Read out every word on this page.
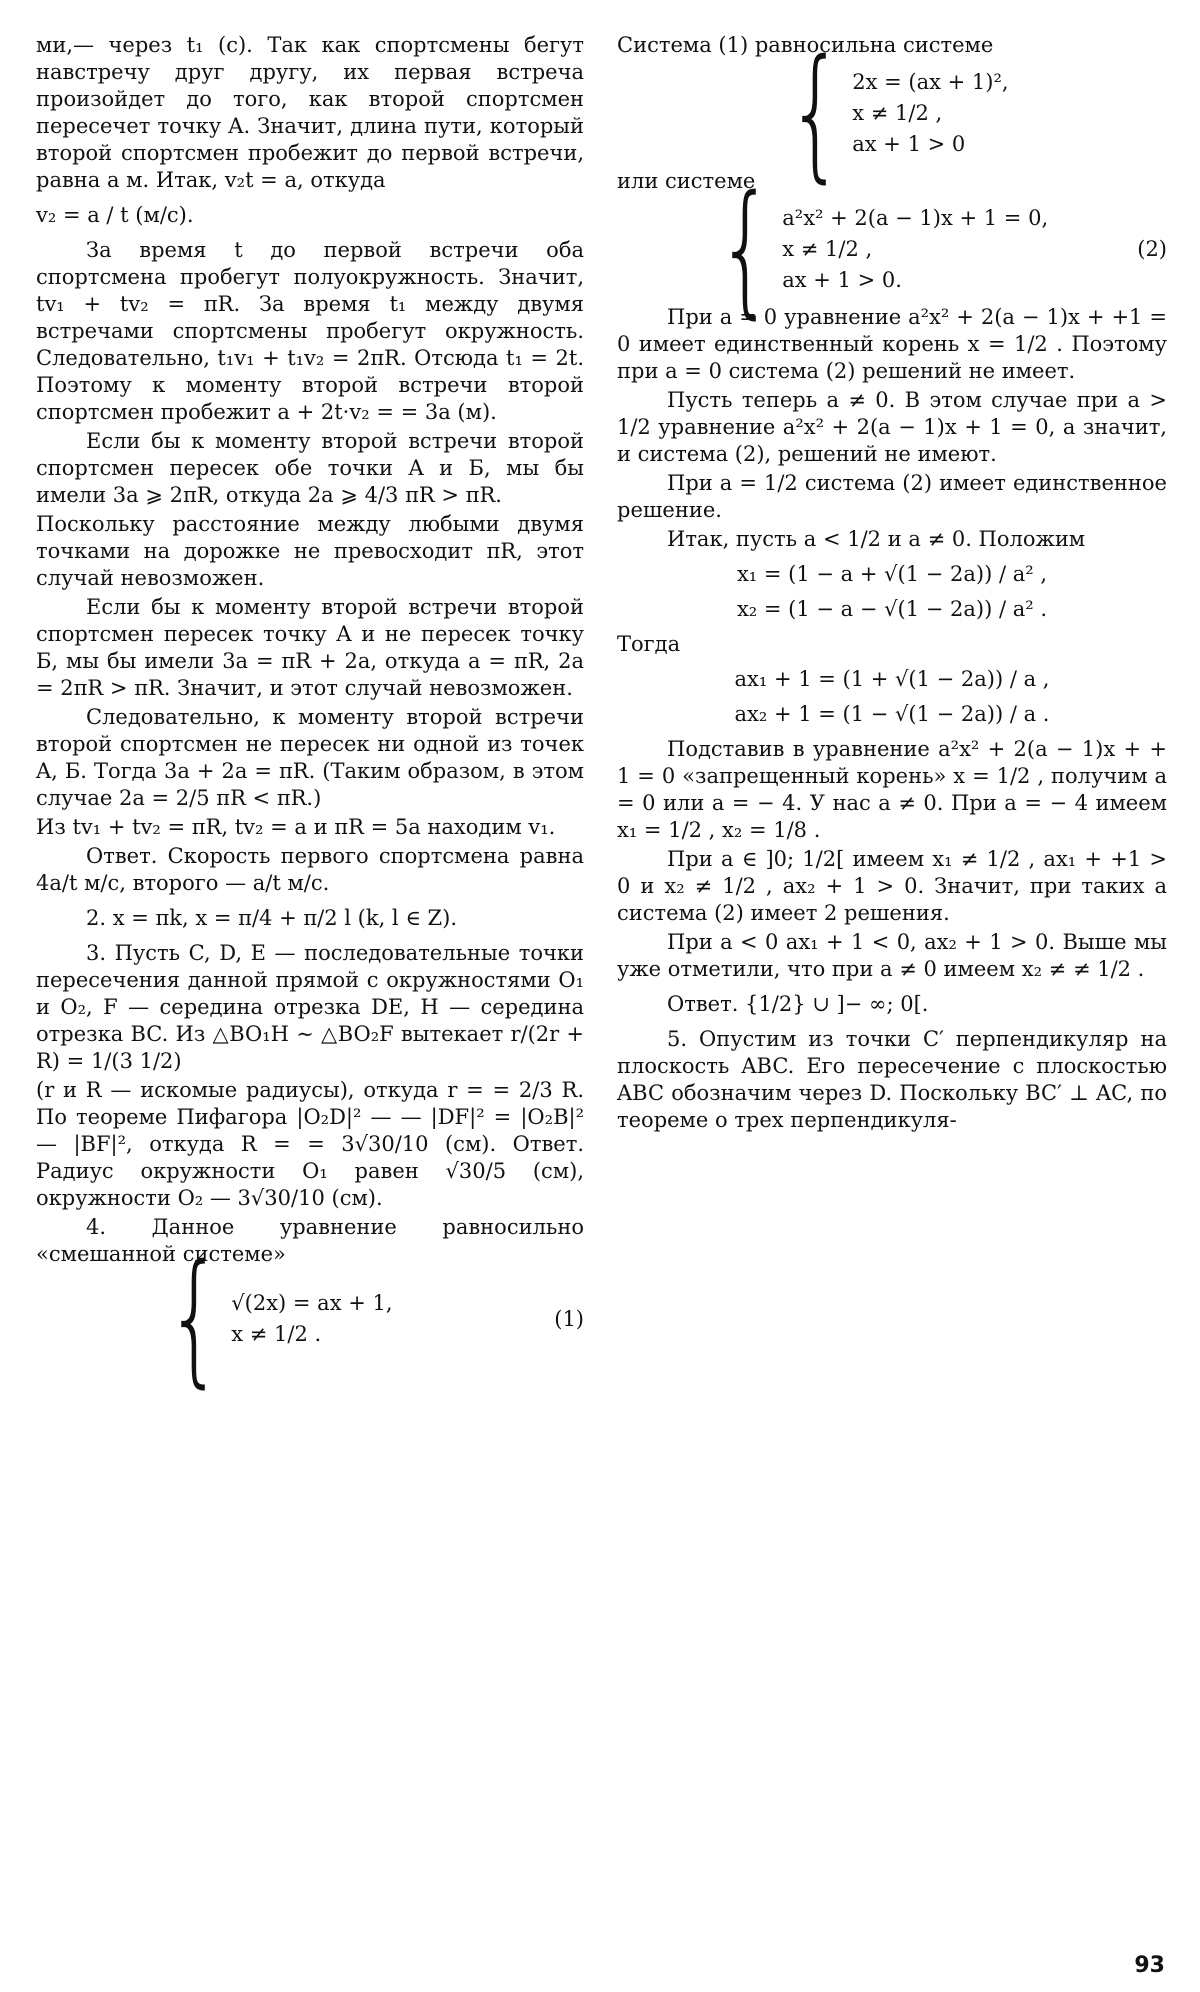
ми,— через t₁ (с). Так как спортсмены бегут навстречу друг другу, их первая встреча произойдет до того, как второй спортсмен пересечет точку A. Значит, длина пути, который второй спортсмен пробежит до первой встречи, равна a м. Итак, v₂t = a, откуда

v₂ = a / t (м/с).

За время t до первой встречи оба спортсмена пробегут полуокружность. Значит, tv₁ + tv₂ = πR. За время t₁ между двумя встречами спортсмены пробегут окружность. Следовательно, t₁v₁ + t₁v₂ = 2πR. Отсюда t₁ = 2t. Поэтому к моменту второй встречи второй спортсмен пробежит a + 2t·v₂ = = 3a (м).

Если бы к моменту второй встречи второй спортсмен пересек обе точки A и Б, мы бы имели 3a ⩾ 2πR, откуда 2a ⩾ 4/3 πR > πR.

Поскольку расстояние между любыми двумя точками на дорожке не превосходит πR, этот случай невозможен.

Если бы к моменту второй встречи второй спортсмен пересек точку A и не пересек точку Б, мы бы имели 3a = πR + 2a, откуда a = πR, 2a = 2πR > πR. Значит, и этот случай невозможен.

Следовательно, к моменту второй встречи второй спортсмен не пересек ни одной из точек A, Б. Тогда 3a + 2a = πR. (Таким образом, в этом случае 2a = 2/5 πR < πR.)

Из tv₁ + tv₂ = πR, tv₂ = a и πR = 5a находим v₁.

Ответ. Скорость первого спортсмена равна 4a/t м/с, второго — a/t м/с.

2. x = πk, x = π/4 + π/2 l (k, l ∈ Z).

3. Пусть C, D, E — последовательные точки пересечения данной прямой с окружностями O₁ и O₂, F — середина отрезка DE, H — середина отрезка BC. Из △BO₁H ∼ △BO₂F вытекает r/(2r + R) = 1/(3 1/2)

(r и R — искомые радиусы), откуда r = = 2/3 R. По теореме Пифагора |O₂D|² — — |DF|² = |O₂B|² — |BF|², откуда R = = 3√30/10 (см). Ответ. Радиус окружности O₁ равен √30/5 (см), окружности O₂ — 3√30/10 (см).

4. Данное уравнение равносильно «смешанной системе»

{ √(2x) = ax + 1,
x ≠ 1/2 .
(1)

Система (1) равносильна системе

{ 2x = (ax + 1)²,
x ≠ 1/2 ,
ax + 1 > 0

или системе

{ a²x² + 2(a − 1)x + 1 = 0,
x ≠ 1/2 ,
ax + 1 > 0.
(2)

При a = 0 уравнение a²x² + 2(a − 1)x + +1 = 0 имеет единственный корень x = 1/2 . Поэтому при a = 0 система (2) решений не имеет.

Пусть теперь a ≠ 0. В этом случае при a > 1/2 уравнение a²x² + 2(a − 1)x + 1 = 0, а значит, и система (2), решений не имеют.

При a = 1/2 система (2) имеет единственное решение.

Итак, пусть a < 1/2 и a ≠ 0. Положим

x₁ = (1 − a + √(1 − 2a)) / a² ,

x₂ = (1 − a − √(1 − 2a)) / a² .

Тогда

ax₁ + 1 = (1 + √(1 − 2a)) / a ,

ax₂ + 1 = (1 − √(1 − 2a)) / a .

Подставив в уравнение a²x² + 2(a − 1)x + + 1 = 0 «запрещенный корень» x = 1/2 , получим a = 0 или a = − 4. У нас a ≠ 0. При a = − 4 имеем x₁ = 1/2 , x₂ = 1/8 .

При a ∈ ]0; 1/2[ имеем x₁ ≠ 1/2 , ax₁ + +1 > 0 и x₂ ≠ 1/2 , ax₂ + 1 > 0. Значит, при таких a система (2) имеет 2 решения.

При a < 0 ax₁ + 1 < 0, ax₂ + 1 > 0. Выше мы уже отметили, что при a ≠ 0 имеем x₂ ≠ ≠ 1/2 .

Ответ. {1/2} ∪ ]− ∞; 0[.

5. Опустим из точки C′ перпендикуляр на плоскость ABC. Его пересечение с плоскостью ABC обозначим через D. Поскольку BC′ ⊥ AC, по теореме о трех перпендикуля-

93
